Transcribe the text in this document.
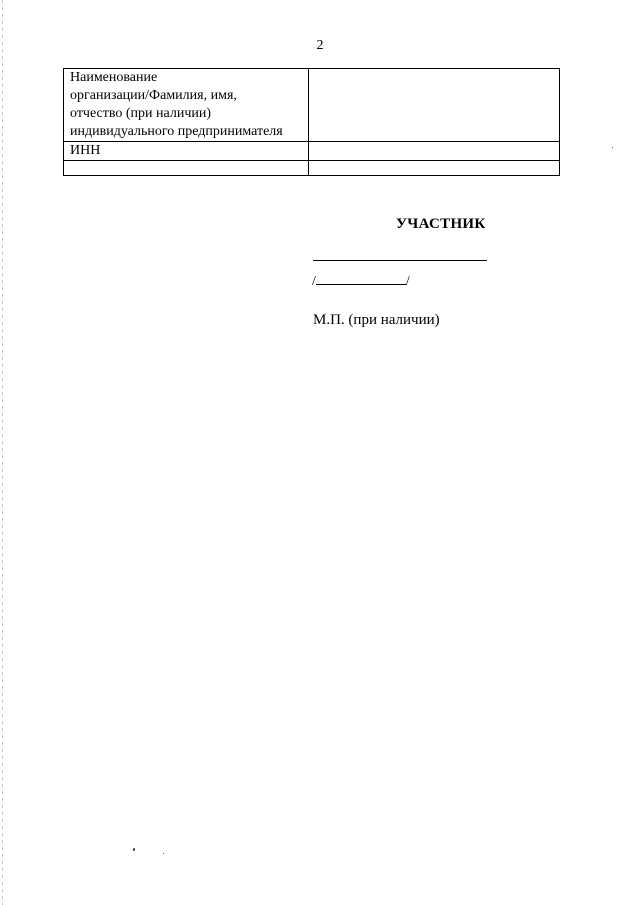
2
Наименование
организации/Фамилия, имя,
отчество (при наличии)
индивидуального предпринимателя	

ИНН	

УЧАСТНИК
/	/
М.П. (при наличии)
